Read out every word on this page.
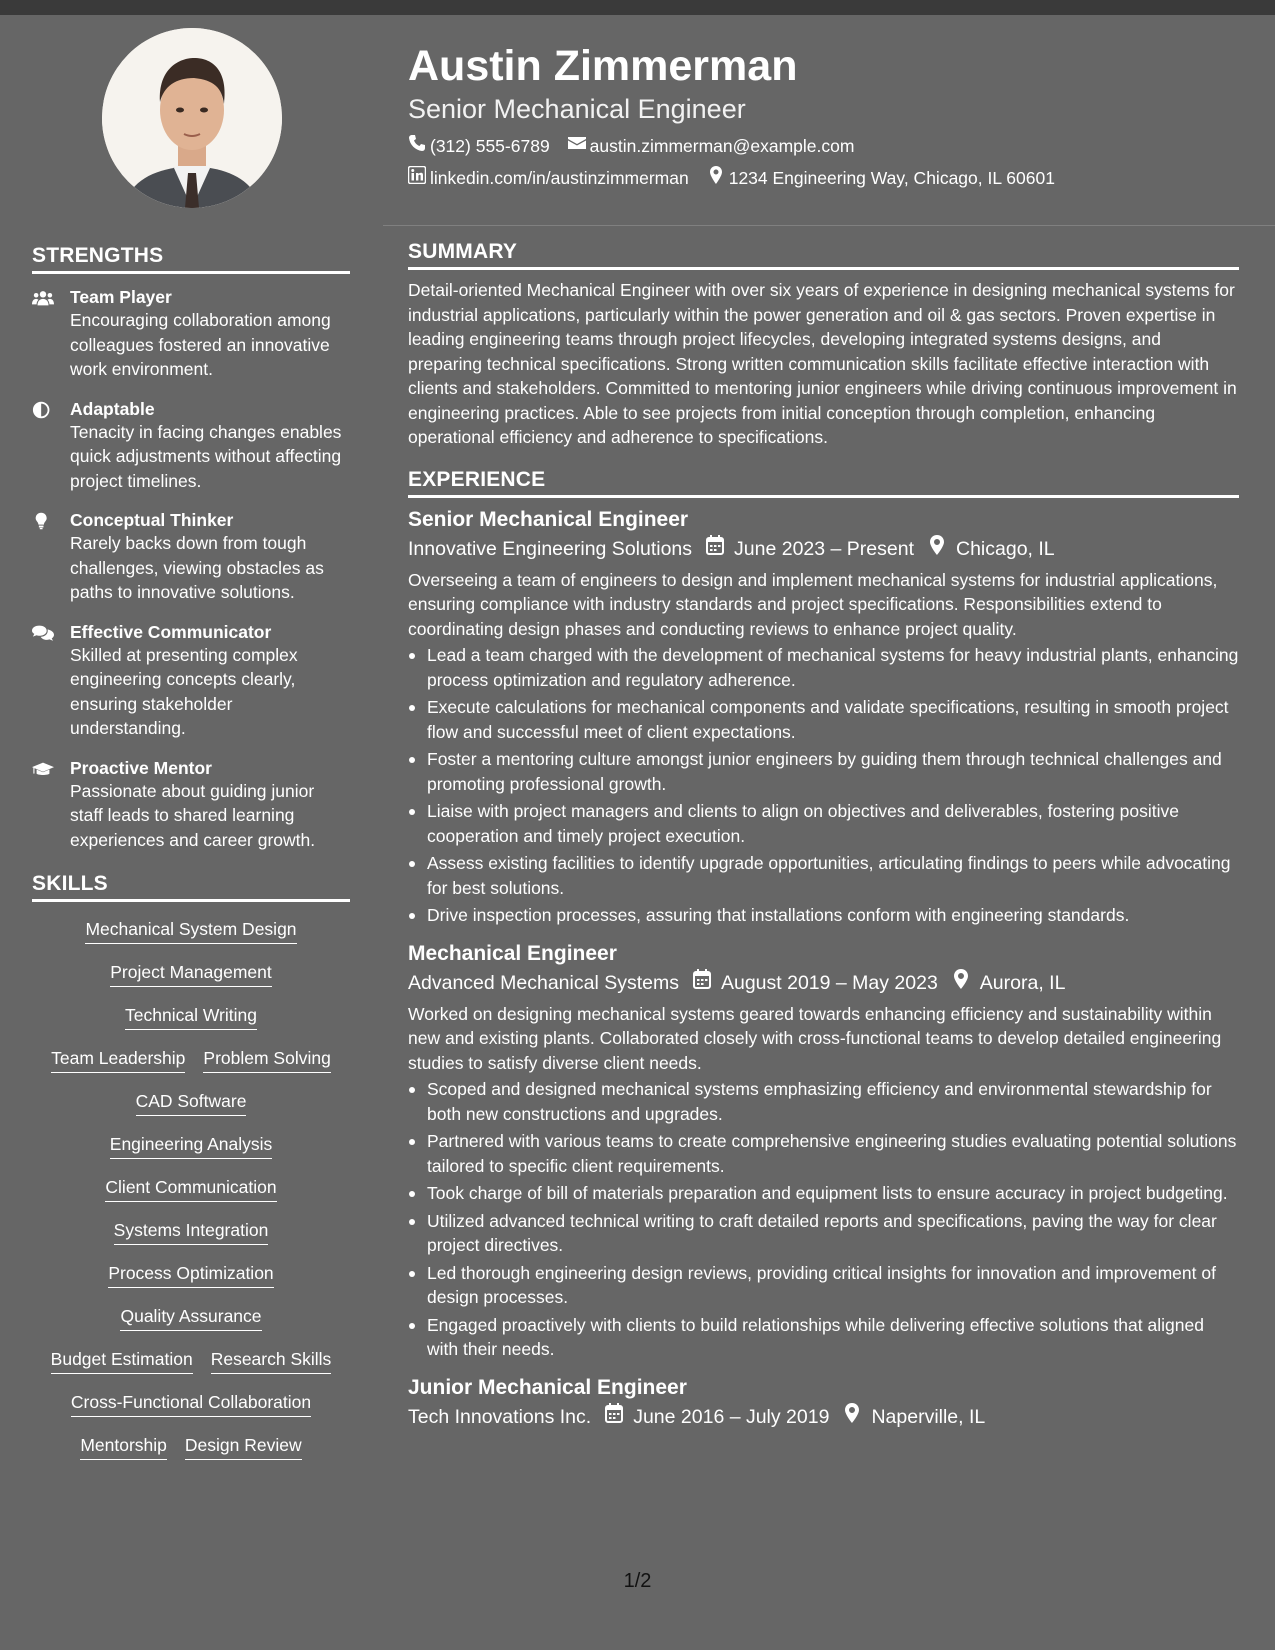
STRENGTHS
Team Player
Encouraging collaboration among colleagues fostered an innovative work environment.
Adaptable
Tenacity in facing changes enables quick adjustments without affecting project timelines.
Conceptual Thinker
Rarely backs down from tough challenges, viewing obstacles as paths to innovative solutions.
Effective Communicator
Skilled at presenting complex engineering concepts clearly, ensuring stakeholder understanding.
Proactive Mentor
Passionate about guiding junior staff leads to shared learning experiences and career growth.
SKILLS
Mechanical System Design
Project Management
Technical Writing
Team Leadership Problem Solving
CAD Software
Engineering Analysis
Client Communication
Systems Integration
Process Optimization
Quality Assurance
Budget Estimation Research Skills
Cross-Functional Collaboration
Mentorship Design Review
Austin Zimmerman
Senior Mechanical Engineer
(312) 555-6789 austin.zimmerman@example.com
linkedin.com/in/austinzimmerman 1234 Engineering Way, Chicago, IL 60601
SUMMARY
Detail-oriented Mechanical Engineer with over six years of experience in designing mechanical systems for industrial applications, particularly within the power generation and oil & gas sectors. Proven expertise in leading engineering teams through project lifecycles, developing integrated systems designs, and preparing technical specifications. Strong written communication skills facilitate effective interaction with clients and stakeholders. Committed to mentoring junior engineers while driving continuous improvement in engineering practices. Able to see projects from initial conception through completion, enhancing operational efficiency and adherence to specifications.
EXPERIENCE
Senior Mechanical Engineer
Innovative Engineering Solutions June 2023 – Present Chicago, IL
Overseeing a team of engineers to design and implement mechanical systems for industrial applications, ensuring compliance with industry standards and project specifications. Responsibilities extend to coordinating design phases and conducting reviews to enhance project quality.
Lead a team charged with the development of mechanical systems for heavy industrial plants, enhancing process optimization and regulatory adherence.
Execute calculations for mechanical components and validate specifications, resulting in smooth project flow and successful meet of client expectations.
Foster a mentoring culture amongst junior engineers by guiding them through technical challenges and promoting professional growth.
Liaise with project managers and clients to align on objectives and deliverables, fostering positive cooperation and timely project execution.
Assess existing facilities to identify upgrade opportunities, articulating findings to peers while advocating for best solutions.
Drive inspection processes, assuring that installations conform with engineering standards.
Mechanical Engineer
Advanced Mechanical Systems August 2019 – May 2023 Aurora, IL
Worked on designing mechanical systems geared towards enhancing efficiency and sustainability within new and existing plants. Collaborated closely with cross-functional teams to develop detailed engineering studies to satisfy diverse client needs.
Scoped and designed mechanical systems emphasizing efficiency and environmental stewardship for both new constructions and upgrades.
Partnered with various teams to create comprehensive engineering studies evaluating potential solutions tailored to specific client requirements.
Took charge of bill of materials preparation and equipment lists to ensure accuracy in project budgeting.
Utilized advanced technical writing to craft detailed reports and specifications, paving the way for clear project directives.
Led thorough engineering design reviews, providing critical insights for innovation and improvement of design processes.
Engaged proactively with clients to build relationships while delivering effective solutions that aligned with their needs.
Junior Mechanical Engineer
Tech Innovations Inc. June 2016 – July 2019 Naperville, IL
1/2
